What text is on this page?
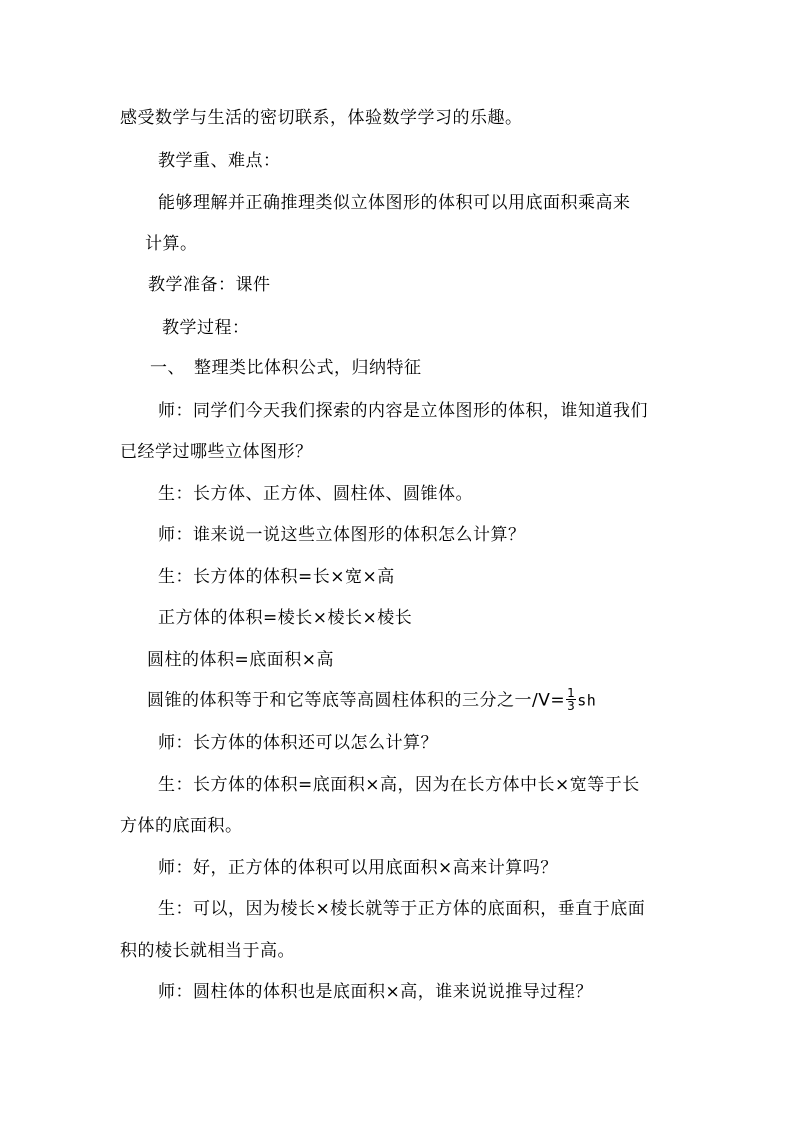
感受数学与生活的密切联系，体验数学学习的乐趣。
教学重、难点：
能够理解并正确推理类似立体图形的体积可以用底面积乘高来
计算。
教学准备：课件
教学过程：
一、　整理类比体积公式，归纳特征
师：同学们今天我们探索的内容是立体图形的体积，谁知道我们
已经学过哪些立体图形？
生：长方体、正方体、圆柱体、圆锥体。
师：谁来说一说这些立体图形的体积怎么计算？
生：长方体的体积=长×宽×高
正方体的体积=棱长×棱长×棱长
圆柱的体积=底面积×高
圆锥的体积等于和它等底等高圆柱体积的三分之一$/V= \frac{1}{3}$ sh
师：长方体的体积还可以怎么计算？
生：长方体的体积=底面积×高，因为在长方体中长×宽等于长
方体的底面积。
师：好，正方体的体积可以用底面积×高来计算吗？
生：可以，因为棱长×棱长就等于正方体的底面积，垂直于底面
积的棱长就相当于高。
师：圆柱体的体积也是底面积×高，谁来说说推导过程？
